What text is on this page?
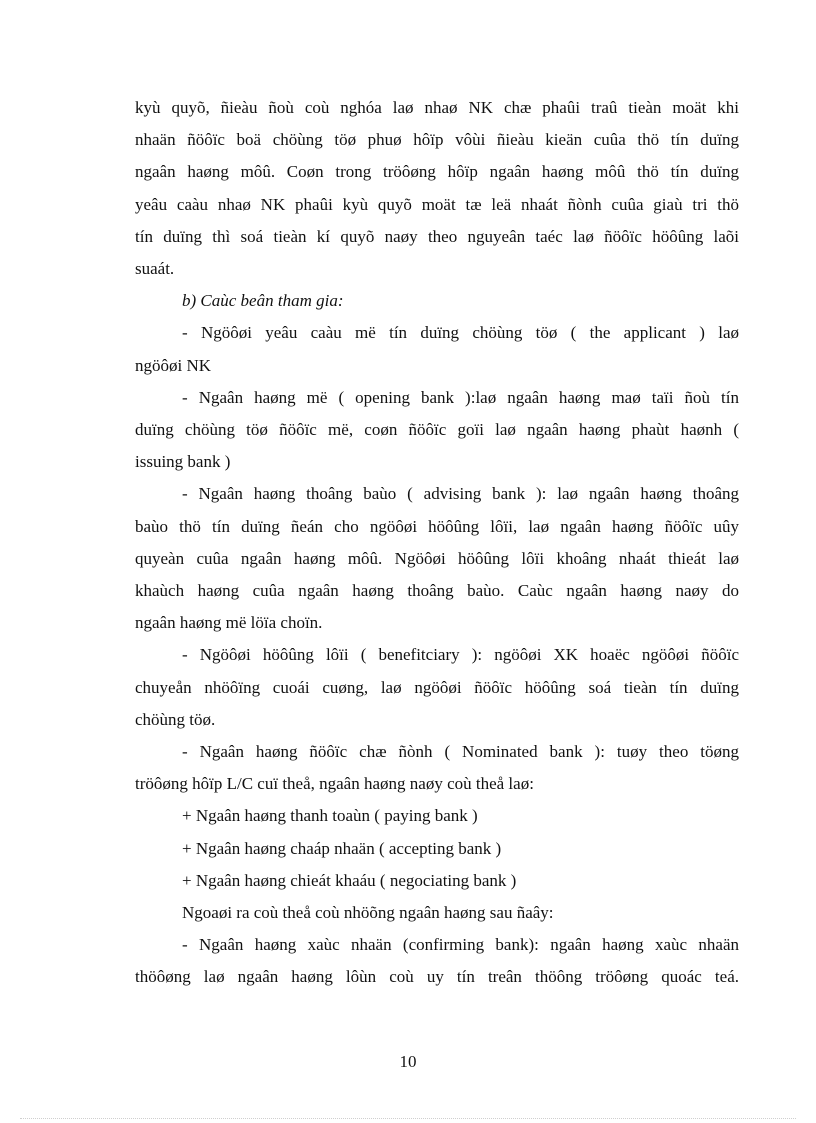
kyù quyõ, ñieàu ñoù coù nghóa laø nhaø NK chæ phaûi traû tieàn moät khi
nhaän ñöôïc boä chöùng töø phuø hôïp vôùi ñieàu kieän cuûa thö tín duïng
ngaân haøng môû. Coøn trong tröôøng hôïp ngaân haøng môû thö tín duïng
yeâu caàu nhaø NK phaûi kyù quyõ moät tæ leä nhaát ñònh cuûa giaù tri thö
tín duïng thì soá tieàn kí quyõ naøy theo nguyeân taéc laø ñöôïc höôûng laõi
suaát.

b) Caùc beân tham gia:

- Ngöôøi yeâu caàu më tín duïng chöùng töø ( the applicant ) laø
ngöôøi NK

- Ngaân haøng më ( opening bank ):laø ngaân haøng maø taïi ñoù tín
duïng chöùng töø ñöôïc më, coøn ñöôïc goïi laø ngaân haøng phaùt haønh (
issuing bank )

- Ngaân haøng thoâng baùo ( advising bank ): laø ngaân haøng thoâng
baùo thö tín duïng ñeán cho ngöôøi höôûng lôïi, laø ngaân haøng ñöôïc uûy
quyeàn cuûa ngaân haøng môû. Ngöôøi höôûng lôïi khoâng nhaát thieát laø
khaùch haøng cuûa ngaân haøng thoâng baùo. Caùc ngaân haøng naøy do
ngaân haøng më löïa choïn.

- Ngöôøi höôûng lôïi ( benefitciary ): ngöôøi XK hoaëc ngöôøi ñöôïc
chuyeån nhöôïng cuoái cuøng, laø ngöôøi ñöôïc höôûng soá tieàn tín duïng
chöùng töø.

- Ngaân haøng ñöôïc chæ ñònh ( Nominated bank ): tuøy theo töøng
tröôøng hôïp L/C cuï theå, ngaân haøng naøy coù theå laø:

+ Ngaân haøng thanh toaùn ( paying bank )

+ Ngaân haøng chaáp nhaän ( accepting bank )

+ Ngaân haøng chieát khaáu ( negociating bank )

Ngoaøi ra coù theå coù nhöõng ngaân haøng sau ñaây:

- Ngaân haøng xaùc nhaän (confirming bank): ngaân haøng xaùc nhaän
thöôøng laø ngaân haøng lôùn coù uy tín treân thöông tröôøng quoác teá.

10
